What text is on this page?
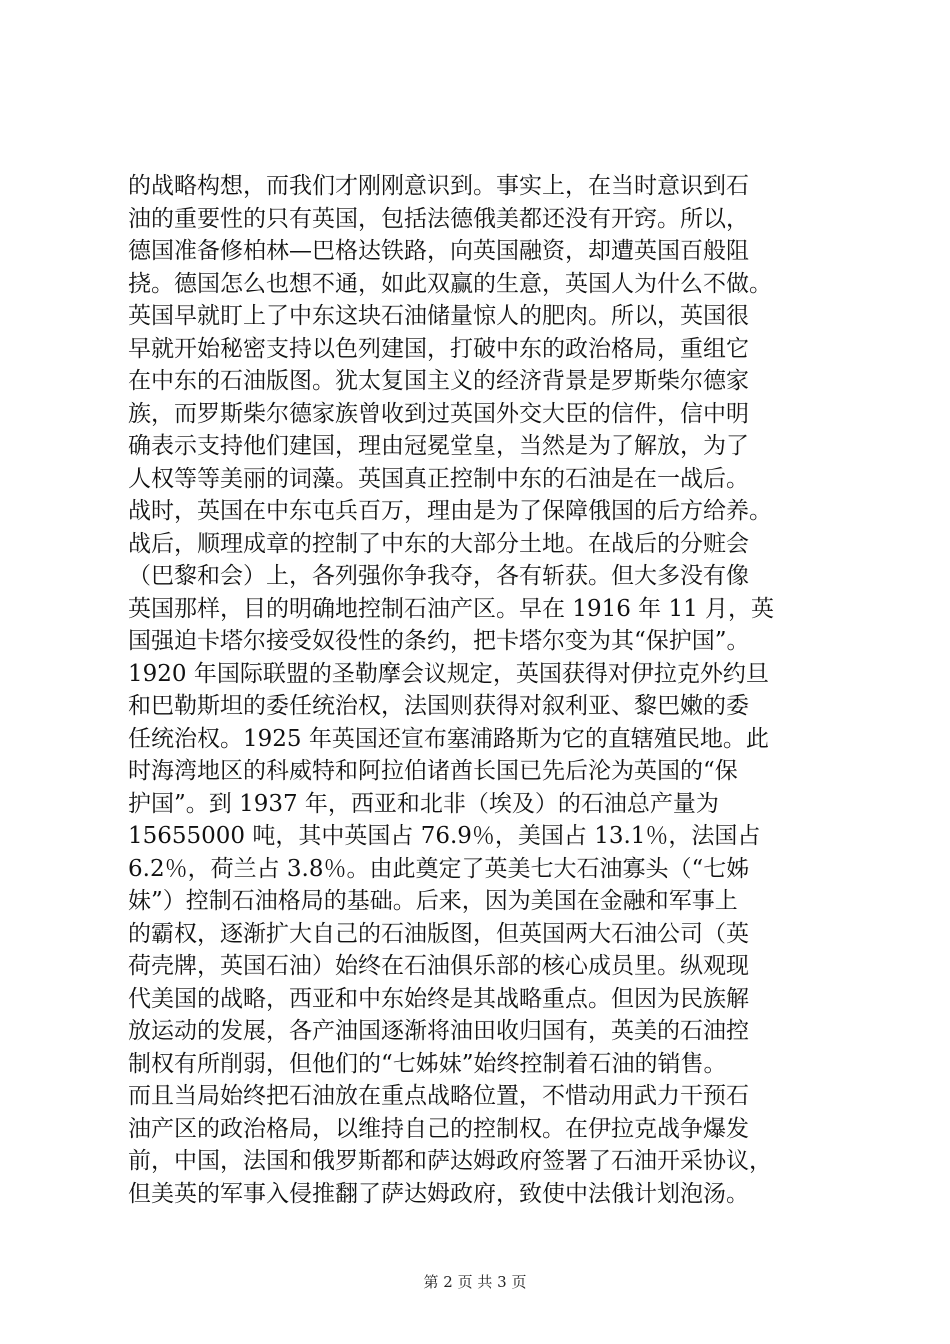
的战略构想，而我们才刚刚意识到。事实上，在当时意识到石
油的重要性的只有英国，包括法德俄美都还没有开窍。所以，
德国准备修柏林—巴格达铁路，向英国融资，却遭英国百般阻
挠。德国怎么也想不通，如此双赢的生意，英国人为什么不做。
英国早就盯上了中东这块石油储量惊人的肥肉。所以，英国很
早就开始秘密支持以色列建国，打破中东的政治格局，重组它
在中东的石油版图。犹太复国主义的经济背景是罗斯柴尔德家
族，而罗斯柴尔德家族曾收到过英国外交大臣的信件，信中明
确表示支持他们建国，理由冠冕堂皇，当然是为了解放，为了
人权等等美丽的词藻。英国真正控制中东的石油是在一战后。
战时，英国在中东屯兵百万，理由是为了保障俄国的后方给养。
战后，顺理成章的控制了中东的大部分土地。在战后的分赃会
（巴黎和会）上，各列强你争我夺，各有斩获。但大多没有像
英国那样，目的明确地控制石油产区。早在 1916 年 11 月，英
国强迫卡塔尔接受奴役性的条约，把卡塔尔变为其“保护国”。
1920 年国际联盟的圣勒摩会议规定，英国获得对伊拉克外约旦
和巴勒斯坦的委任统治权，法国则获得对叙利亚、黎巴嫩的委
任统治权。1925 年英国还宣布塞浦路斯为它的直辖殖民地。此
时海湾地区的科威特和阿拉伯诸酋长国已先后沦为英国的“保
护国”。到 1937 年，西亚和北非（埃及）的石油总产量为
15655000 吨，其中英国占 76.9％，美国占 13.1％，法国占
6.2％，荷兰占 3.8％。由此奠定了英美七大石油寡头（“七姊
妹”）控制石油格局的基础。后来，因为美国在金融和军事上
的霸权，逐渐扩大自己的石油版图，但英国两大石油公司（英
荷壳牌，英国石油）始终在石油俱乐部的核心成员里。纵观现
代美国的战略，西亚和中东始终是其战略重点。但因为民族解
放运动的发展，各产油国逐渐将油田收归国有，英美的石油控
制权有所削弱，但他们的“七姊妹”始终控制着石油的销售。
而且当局始终把石油放在重点战略位置，不惜动用武力干预石
油产区的政治格局，以维持自己的控制权。在伊拉克战争爆发
前，中国，法国和俄罗斯都和萨达姆政府签署了石油开采协议，
但美英的军事入侵推翻了萨达姆政府，致使中法俄计划泡汤。
第 2 页 共 3 页
